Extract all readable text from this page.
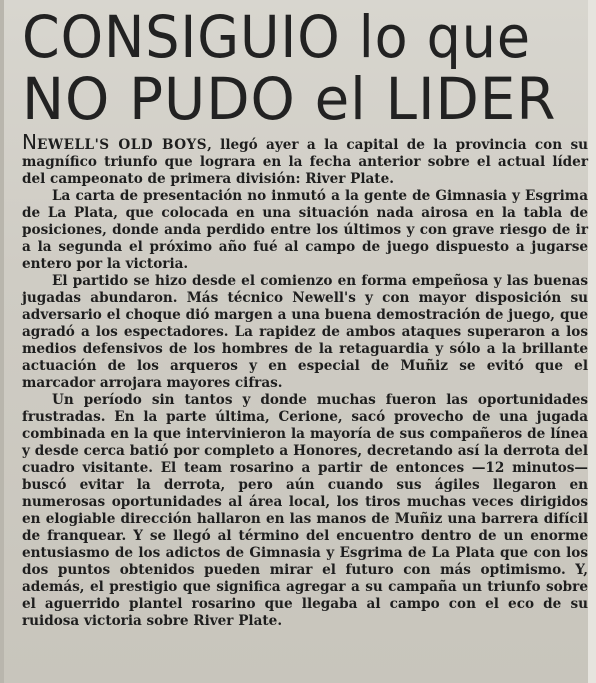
CONSIGUIO lo que
NO PUDO el LIDER

NEWELL'S OLD BOYS, llegó ayer a la capital de la provincia con su magnífico triunfo que lograra en la fecha anterior sobre el actual líder del campeonato de primera división: River Plate.

La carta de presentación no inmutó a la gente de Gimnasia y Esgrima de La Plata, que colocada en una situación nada airosa en la tabla de posiciones, donde anda perdido entre los últimos y con grave riesgo de ir a la segunda el próximo año fué al campo de juego dispuesto a jugarse entero por la victoria.

El partido se hizo desde el comienzo en forma empeñosa y las buenas jugadas abundaron. Más técnico Newell's y con mayor disposición su adversario el choque dió margen a una buena demostración de juego, que agradó a los espectadores. La rapidez de ambos ataques superaron a los medios defensivos de los hombres de la retaguardia y sólo a la brillante actuación de los arqueros y en especial de Muñiz se evitó que el marcador arrojara mayores cifras.

Un período sin tantos y donde muchas fueron las oportunidades frustradas. En la parte última, Cerione, sacó provecho de una jugada combinada en la que intervinieron la mayoría de sus compañeros de línea y desde cerca batió por completo a Honores, decretando así la derrota del cuadro visitante. El team rosarino a partir de entonces —12 minutos— buscó evitar la derrota, pero aún cuando sus ágiles llegaron en numerosas oportunidades al área local, los tiros muchas veces dirigidos en elogiable dirección hallaron en las manos de Muñiz una barrera difícil de franquear. Y se llegó al término del encuentro dentro de un enorme entusiasmo de los adictos de Gimnasia y Esgrima de La Plata que con los dos puntos obtenidos pueden mirar el futuro con más optimismo. Y, además, el prestigio que significa agregar a su campaña un triunfo sobre el aguerrido plantel rosarino que llegaba al campo con el eco de su ruidosa victoria sobre River Plate.
